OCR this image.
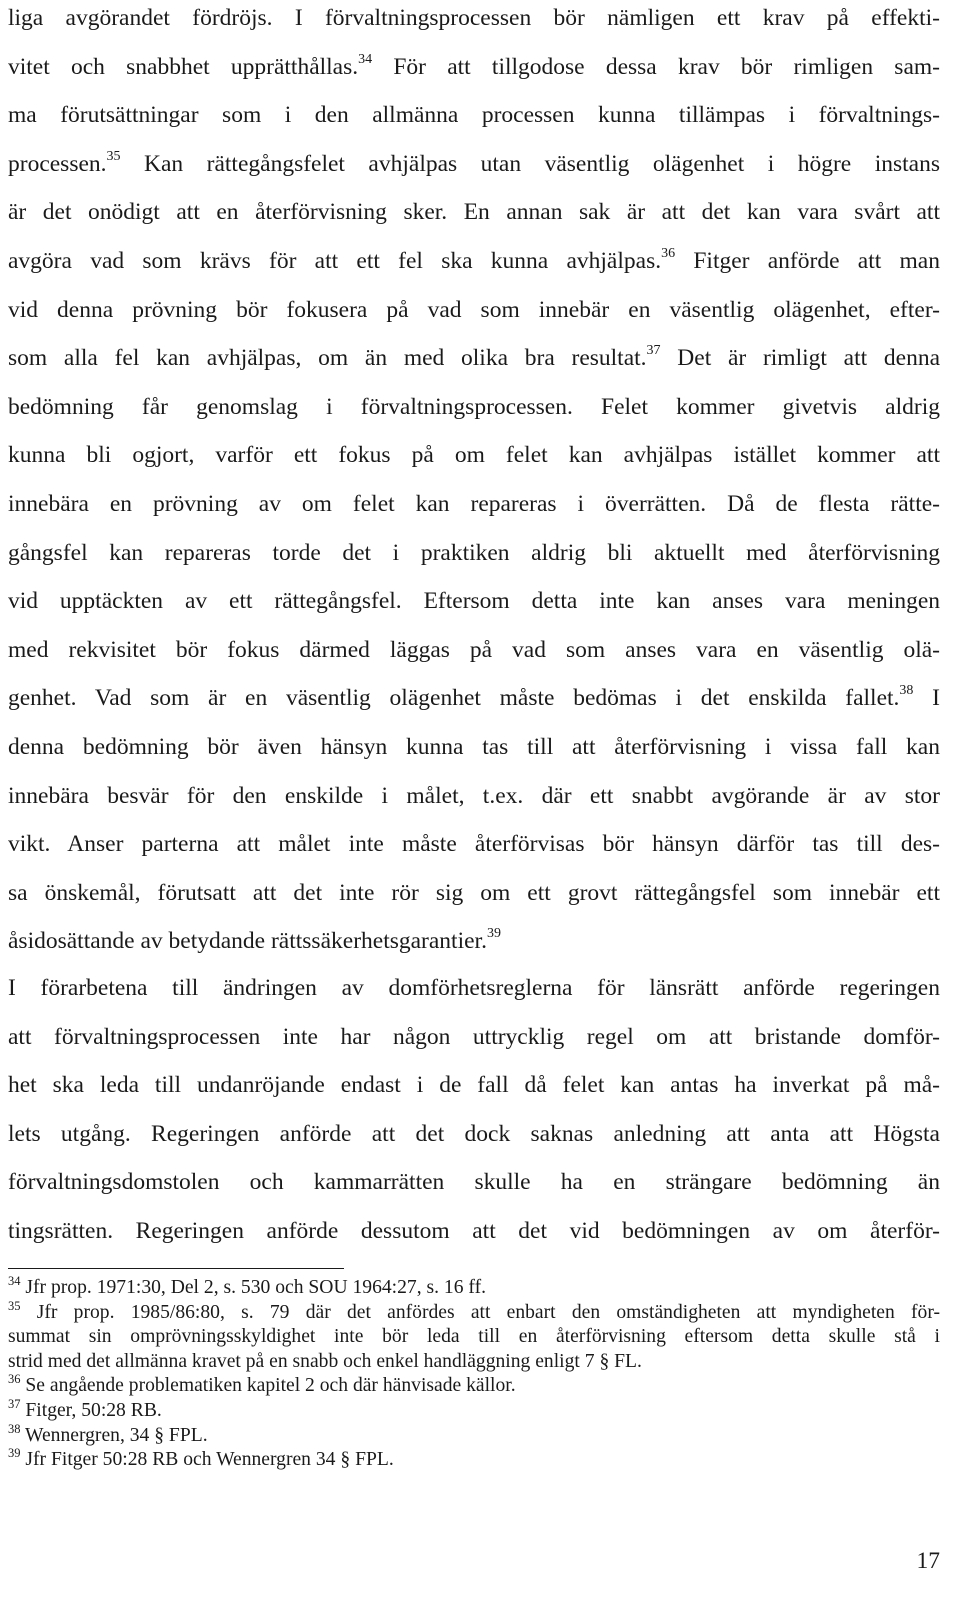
liga avgörandet fördröjs. I förvaltningsprocessen bör nämligen ett krav på effekti-
vitet och snabbhet upprätthållas.$^{34}$ För att tillgodose dessa krav bör rimligen sam-
ma förutsättningar som i den allmänna processen kunna tillämpas i förvaltnings-
processen.$^{35}$ Kan rättegångsfelet avhjälpas utan väsentlig olägenhet i högre instans
är det onödigt att en återförvisning sker. En annan sak är att det kan vara svårt att
avgöra vad som krävs för att ett fel ska kunna avhjälpas.$^{36}$ Fitger anförde att man
vid denna prövning bör fokusera på vad som innebär en väsentlig olägenhet, efter-
som alla fel kan avhjälpas, om än med olika bra resultat.$^{37}$ Det är rimligt att denna
bedömning får genomslag i förvaltningsprocessen. Felet kommer givetvis aldrig
kunna bli ogjort, varför ett fokus på om felet kan avhjälpas istället kommer att
innebära en prövning av om felet kan repareras i överrätten. Då de flesta rätte-
gångsfel kan repareras torde det i praktiken aldrig bli aktuellt med återförvisning
vid upptäckten av ett rättegångsfel. Eftersom detta inte kan anses vara meningen
med rekvisitet bör fokus därmed läggas på vad som anses vara en väsentlig olä-
genhet. Vad som är en väsentlig olägenhet måste bedömas i det enskilda fallet.$^{38}$ I
denna bedömning bör även hänsyn kunna tas till att återförvisning i vissa fall kan
innebära besvär för den enskilde i målet, t.ex. där ett snabbt avgörande är av stor
vikt. Anser parterna att målet inte måste återförvisas bör hänsyn därför tas till des-
sa önskemål, förutsatt att det inte rör sig om ett grovt rättegångsfel som innebär ett
åsidosättande av betydande rättssäkerhetsgarantier.$^{39}$
I förarbetena till ändringen av domförhetsreglerna för länsrätt anförde regeringen
att förvaltningsprocessen inte har någon uttrycklig regel om att bristande domför-
het ska leda till undanröjande endast i de fall då felet kan antas ha inverkat på må-
lets utgång. Regeringen anförde att det dock saknas anledning att anta att Högsta
förvaltningsdomstolen och kammarrätten skulle ha en strängare bedömning än
tingsrätten. Regeringen anförde dessutom att det vid bedömningen av om återför-
$^{34}$ Jfr prop. 1971:30, Del 2, s. 530 och SOU 1964:27, s. 16 ff.
$^{35}$ Jfr prop. 1985/86:80, s. 79 där det anfördes att enbart den omständigheten att myndigheten för-
summat sin omprövningsskyldighet inte bör leda till en återförvisning eftersom detta skulle stå i
strid med det allmänna kravet på en snabb och enkel handläggning enligt 7 § FL.
$^{36}$ Se angående problematiken kapitel 2 och där hänvisade källor.
$^{37}$ Fitger, 50:28 RB.
$^{38}$ Wennergren, 34 § FPL.
$^{39}$ Jfr Fitger 50:28 RB och Wennergren 34 § FPL.
17
